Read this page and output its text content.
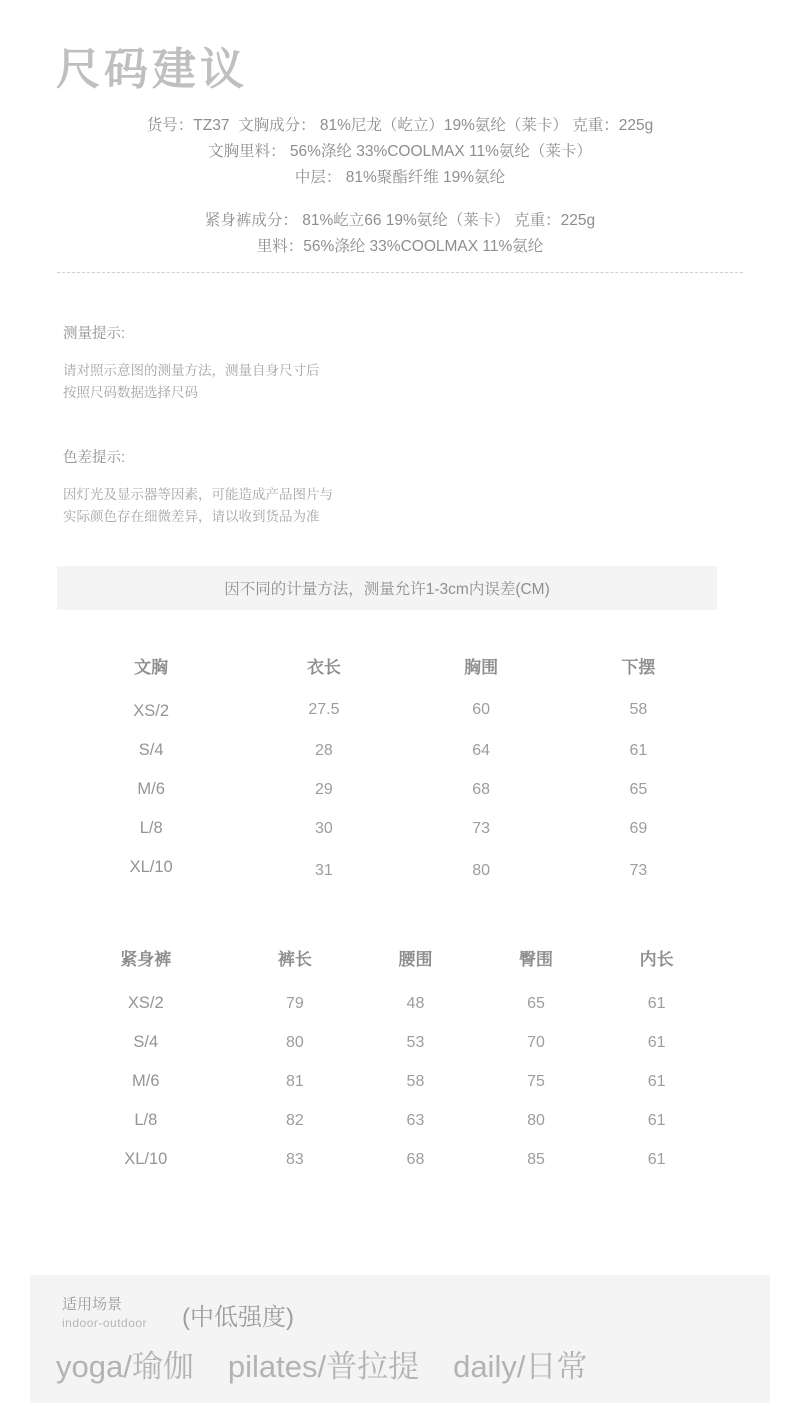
尺码建议
货号：TZ37  文胸成分： 81%尼龙（屹立）19%氨纶（莱卡） 克重：225g
文胸里料： 56%涤纶 33%COOLMAX 11%氨纶（莱卡）
中层： 81%聚酯纤维 19%氨纶
紧身裤成分： 81%屹立66 19%氨纶（莱卡） 克重：225g
里料：56%涤纶 33%COOLMAX 11%氨纶
测量提示:
请对照示意图的测量方法，测量自身尺寸后
按照尺码数据选择尺码
色差提示:
因灯光及显示器等因素，可能造成产品图片与
实际颜色存在细微差异，请以收到货品为准
因不同的计量方法，测量允许1-3cm内误差(CM)
文胸	衣长	胸围	下摆
XS/2	27.5	60	58
S/4	28	64	61
M/6	29	68	65
L/8	30	73	69
XL/10	31	80	73
紧身裤	裤长	腰围	臀围	内长
XS/2	79	48	65	61
S/4	80	53	70	61
M/6	81	58	75	61
L/8	82	63	80	61
XL/10	83	68	85	61
适用场景
indoor-outdoor (中低强度)
yoga/瑜伽 pilates/普拉提 daily/日常
